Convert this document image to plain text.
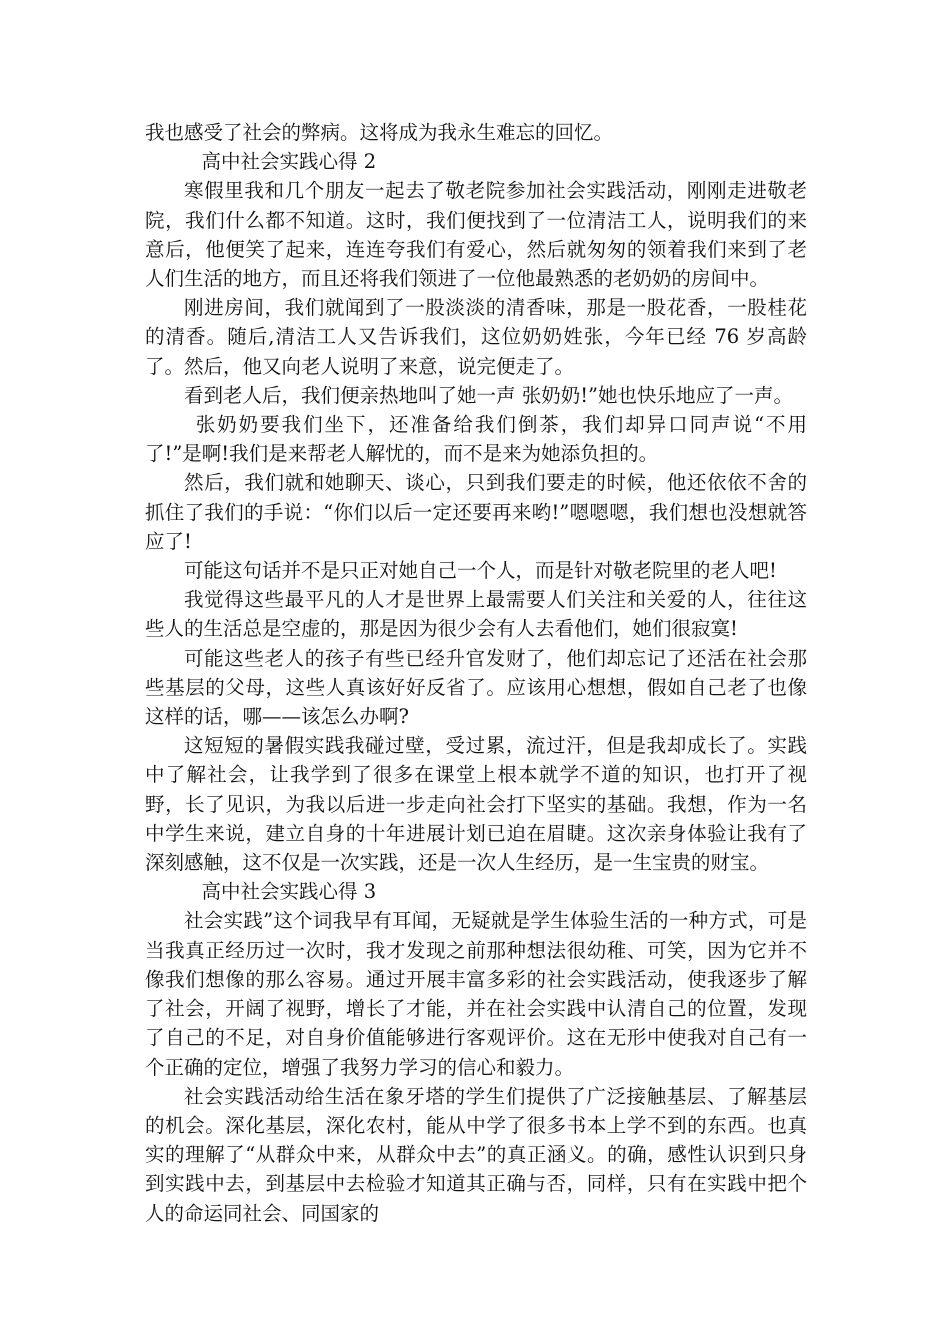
我也感受了社会的弊病。这将成为我永生难忘的回忆。

高中社会实践心得 2

寒假里我和几个朋友一起去了敬老院参加社会实践活动，刚刚走进敬老院，我们什么都不知道。这时，我们便找到了一位清洁工人，说明我们的来意后，他便笑了起来，连连夸我们有爱心，然后就匆匆的领着我们来到了老人们生活的地方，而且还将我们领进了一位他最熟悉的老奶奶的房间中。

刚进房间，我们就闻到了一股淡淡的清香味，那是一股花香，一股桂花的清香。随后,清洁工人又告诉我们，这位奶奶姓张，今年已经 76 岁高龄了。然后，他又向老人说明了来意，说完便走了。

看到老人后，我们便亲热地叫了她一声 张奶奶!”她也快乐地应了一声。

张奶奶要我们坐下，还准备给我们倒茶，我们却异口同声说“不用了!”是啊!我们是来帮老人解忧的，而不是来为她添负担的。

然后，我们就和她聊天、谈心，只到我们要走的时候，他还依依不舍的抓住了我们的手说：“你们以后一定还要再来哟!”嗯嗯嗯，我们想也没想就答应了!

可能这句话并不是只正对她自己一个人，而是针对敬老院里的老人吧!

我觉得这些最平凡的人才是世界上最需要人们关注和关爱的人，往往这些人的生活总是空虚的，那是因为很少会有人去看他们，她们很寂寞!

可能这些老人的孩子有些已经升官发财了，他们却忘记了还活在社会那些基层的父母，这些人真该好好反省了。应该用心想想，假如自己老了也像这样的话，哪——该怎么办啊?

这短短的暑假实践我碰过壁，受过累，流过汗，但是我却成长了。实践中了解社会，让我学到了很多在课堂上根本就学不道的知识，也打开了视野，长了见识，为我以后进一步走向社会打下坚实的基础。我想，作为一名中学生来说，建立自身的十年进展计划已迫在眉睫。这次亲身体验让我有了深刻感触，这不仅是一次实践，还是一次人生经历，是一生宝贵的财宝。

高中社会实践心得 3

社会实践”这个词我早有耳闻，无疑就是学生体验生活的一种方式，可是当我真正经历过一次时，我才发现之前那种想法很幼稚、可笑，因为它并不像我们想像的那么容易。通过开展丰富多彩的社会实践活动，使我逐步了解了社会，开阔了视野，增长了才能，并在社会实践中认清自己的位置，发现了自己的不足，对自身价值能够进行客观评价。这在无形中使我对自己有一个正确的定位，增强了我努力学习的信心和毅力。

社会实践活动给生活在象牙塔的学生们提供了广泛接触基层、了解基层的机会。深化基层，深化农村，能从中学了很多书本上学不到的东西。也真实的理解了“从群众中来，从群众中去”的真正涵义。的确，感性认识到只身到实践中去，到基层中去检验才知道其正确与否，同样，只有在实践中把个人的命运同社会、同国家的
